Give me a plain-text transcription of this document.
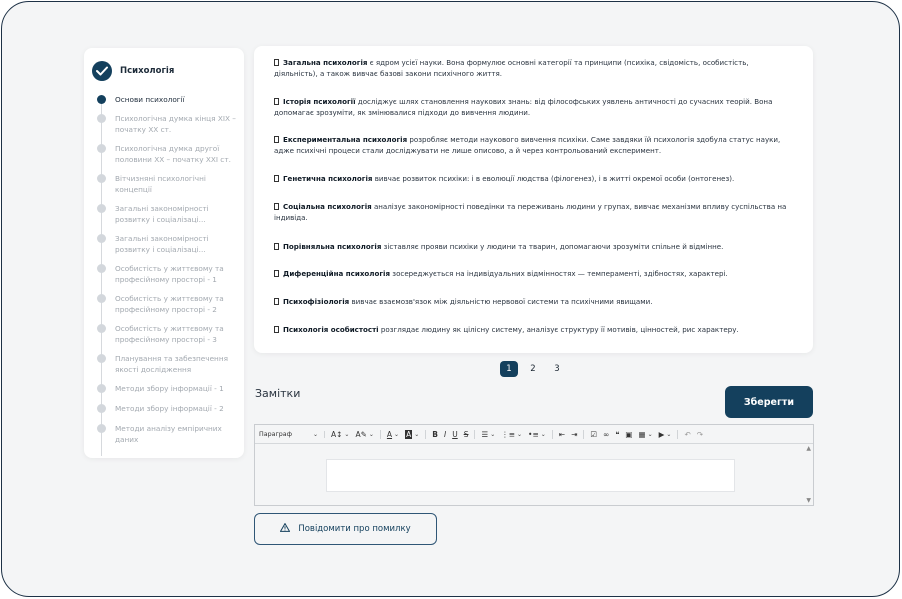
Психологія
Основи психології
Психологічна думка кінця XIX – початку XX ст.
Психологічна думка другої половини XX – початку XXI ст.
Вітчизняні психологічні концепції
Загальні закономірності розвитку і соціалізаці...
Загальні закономірності розвитку і соціалізаці...
Особистість у життєвому та професійному просторі - 1
Особистість у життєвому та професійному просторі - 2
Особистість у життєвому та професійному просторі - 3
Планування та забезпечення якості дослідження
Методи збору інформації - 1
Методи збору інформації - 2
Методи аналізу емпіричних даних
Загальна психологія є ядром усієї науки. Вона формулює основні категорії та принципи (психіка, свідомість, особистість, діяльність), а також вивчає базові закони психічного життя.
Історія психології досліджує шлях становлення наукових знань: від філософських уявлень античності до сучасних теорій. Вона допомагає зрозуміти, як змінювалися підходи до вивчення людини.
Експериментальна психологія розробляє методи наукового вивчення психіки. Саме завдяки їй психологія здобула статус науки, адже психічні процеси стали досліджувати не лише описово, а й через контрольований експеримент.
Генетична психологія вивчає розвиток психіки: і в еволюції людства (філогенез), і в житті окремої особи (онтогенез).
Соціальна психологія аналізує закономірності поведінки та переживань людини у групах, вивчає механізми впливу суспільства на індивіда.
Порівняльна психологія зіставляє прояви психіки у людини та тварин, допомагаючи зрозуміти спільне й відмінне.
Диференційна психологія зосереджується на індивідуальних відмінностях — темпераменті, здібностях, характері.
Психофізіологія вивчає взаємозв'язок між діяльністю нервової системи та психічними явищами.
Психологія особистості розглядає людину як цілісну систему, аналізує структуру її мотивів, цінностей, рис характеру.
1	2	3
Замітки
Зберегти
Параграф	⌄ A↕ ⌄ A✎ ⌄ A ⌄ A ⌄ B I U S ☰ ⌄ ⋮≡ ⌄ •≡ ⌄ ⇤ ⇥ ☑ ∞ ❝ ▣ ▦ ⌄ ▶ ⌄ ↶ ↷
▲
▼
Повідомити про помилку
